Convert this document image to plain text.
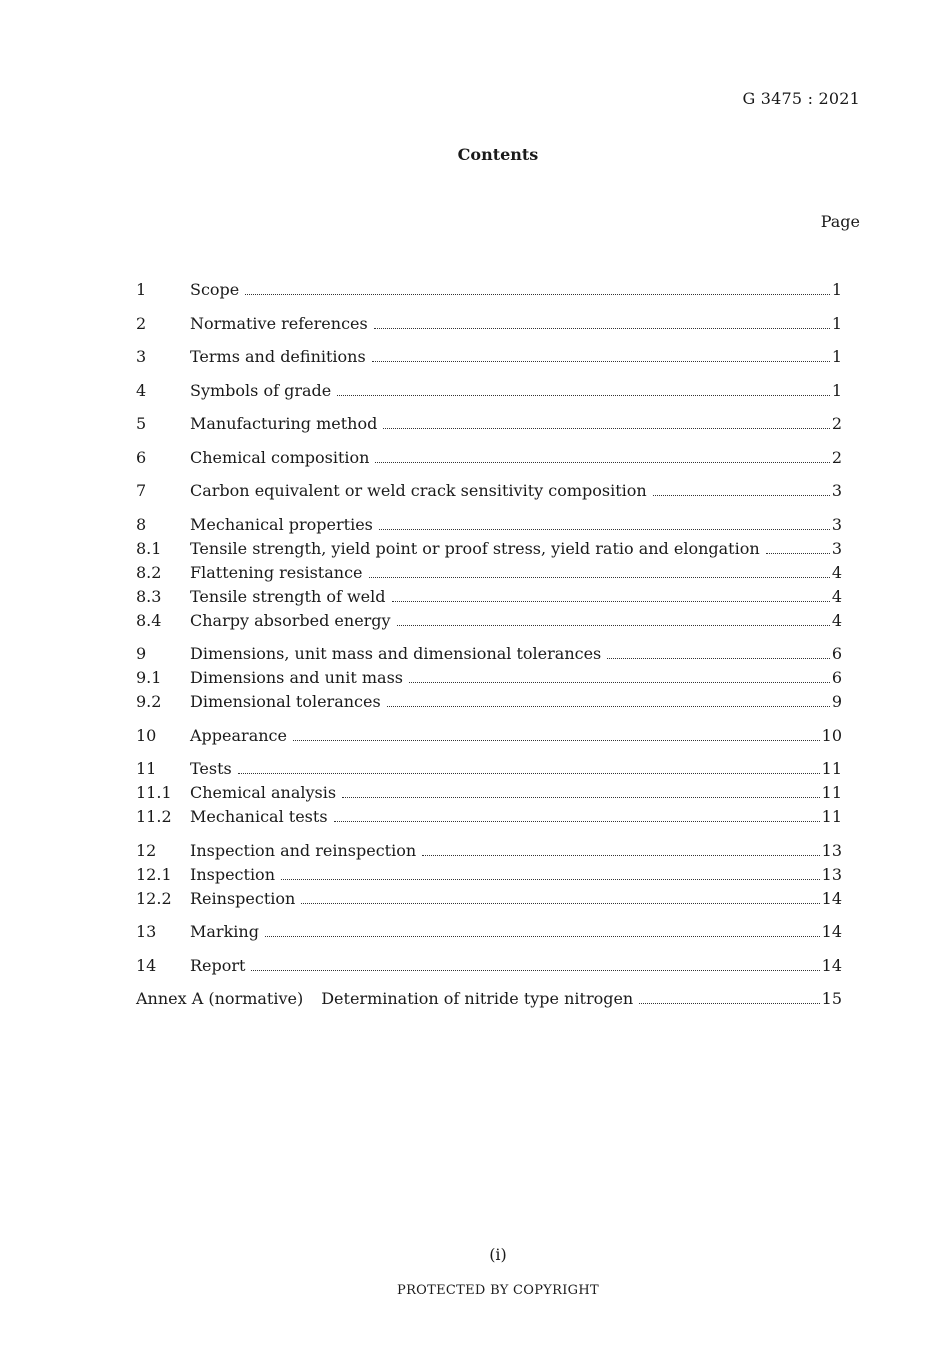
G 3475 : 2021
Contents
Page
1	Scope	1
2	Normative references	1
3	Terms and definitions	1
4	Symbols of grade	1
5	Manufacturing method	2
6	Chemical composition	2
7	Carbon equivalent or weld crack sensitivity composition	3
8	Mechanical properties	3
8.1	Tensile strength, yield point or proof stress, yield ratio and elongation	3
8.2	Flattening resistance	4
8.3	Tensile strength of weld	4
8.4	Charpy absorbed energy	4
9	Dimensions, unit mass and dimensional tolerances	6
9.1	Dimensions and unit mass	6
9.2	Dimensional tolerances	9
10	Appearance	10
11	Tests	11
11.1	Chemical analysis	11
11.2	Mechanical tests	11
12	Inspection and reinspection	13
12.1	Inspection	13
12.2	Reinspection	14
13	Marking	14
14	Report	14
Annex A (normative)	Determination of nitride type nitrogen	15
(i)
PROTECTED BY COPYRIGHT
